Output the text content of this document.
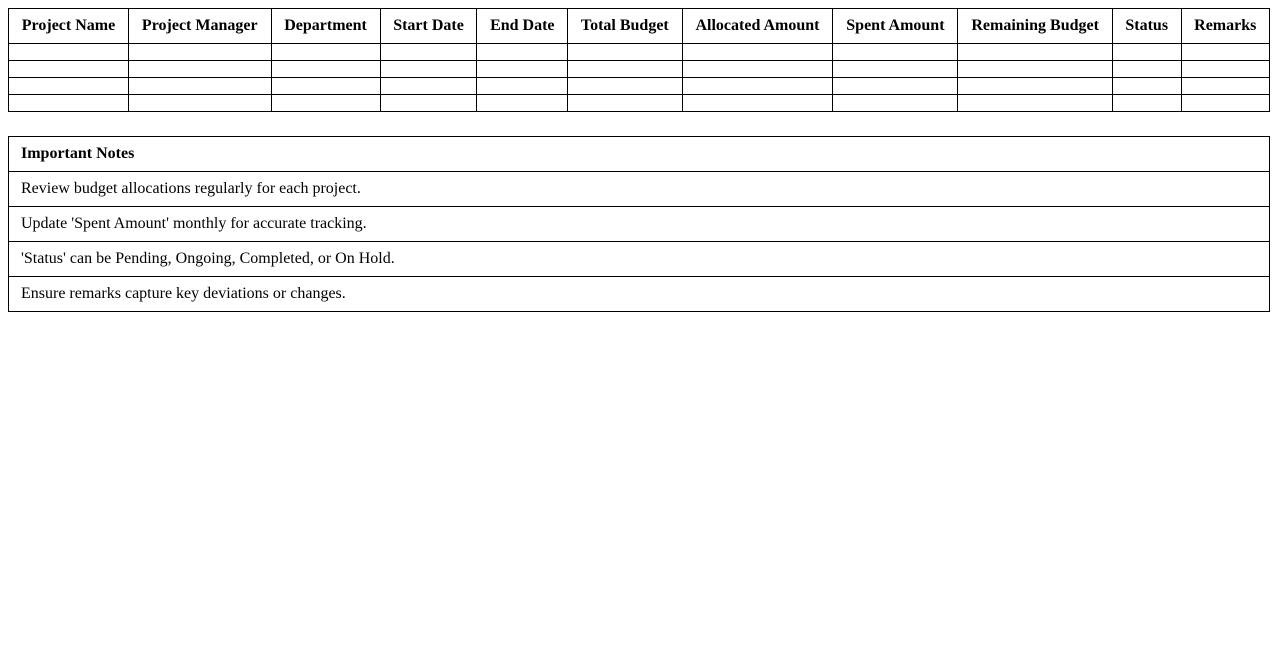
Project Name	Project Manager	Department	Start Date	End Date	Total Budget	Allocated Amount	Spent Amount	Remaining Budget	Status	Remarks

Important Notes
Review budget allocations regularly for each project.
Update 'Spent Amount' monthly for accurate tracking.
'Status' can be Pending, Ongoing, Completed, or On Hold.
Ensure remarks capture key deviations or changes.
